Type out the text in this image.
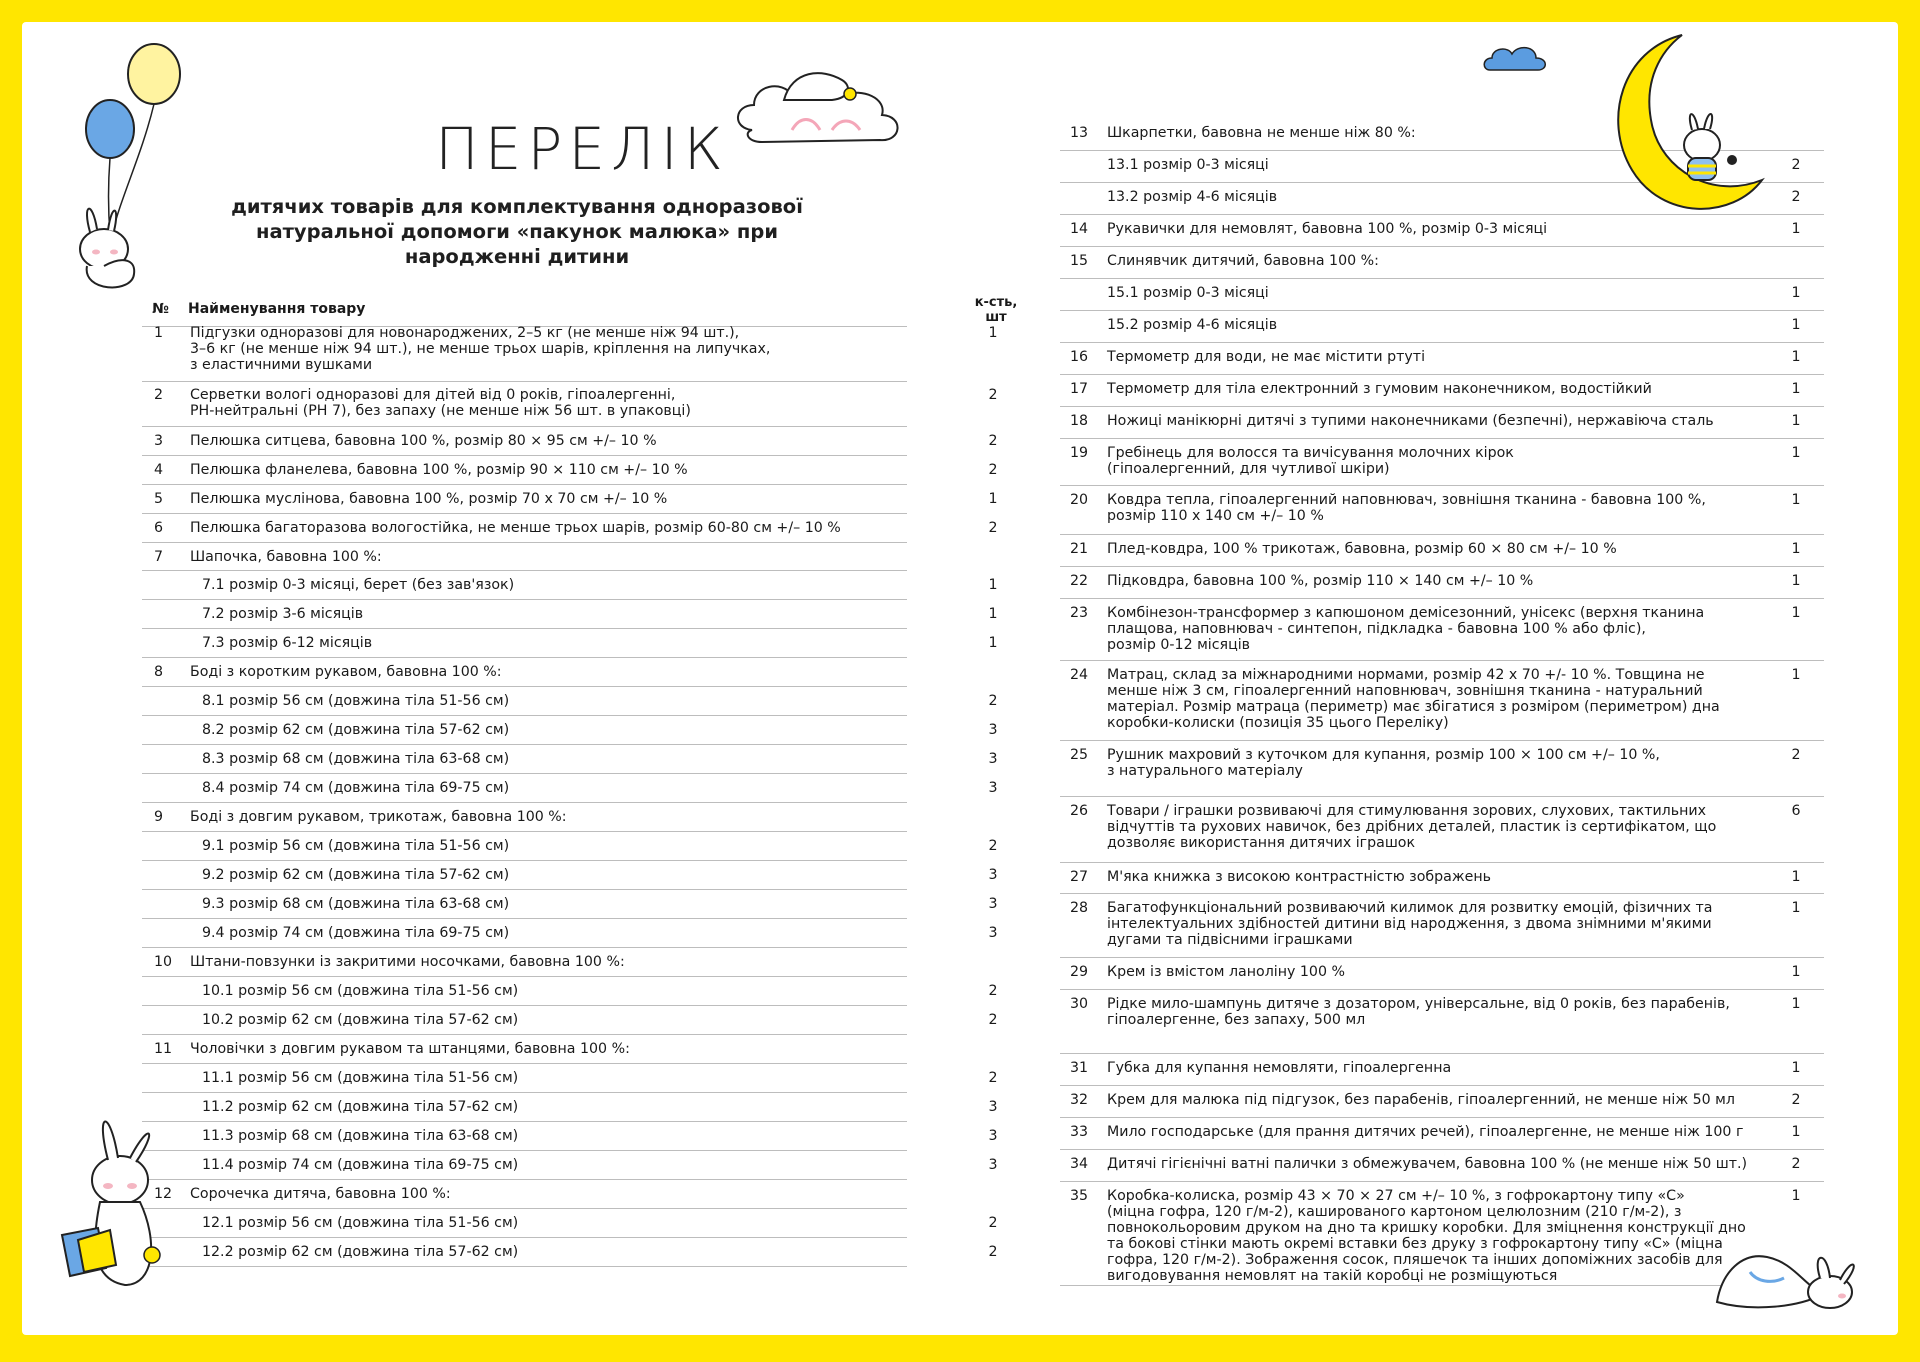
ПЕРЕЛІК
дитячих товарів для комплектування одноразової натуральної допомоги «пакунок малюка» при народженні дитини
№ Найменування товару	к-сть, шт
1 Підгузки одноразові для новонароджених, 2–5 кг (не менше ніж 94 шт.),
3–6 кг (не менше ніж 94 шт.), не менше трьох шарів, кріплення на липучках,
з еластичними вушками
1
2 Серветки вологі одноразові для дітей від 0 років, гіпоалергенні,
PH-нейтральні (PH 7), без запаху (не менше ніж 56 шт. в упаковці)
2
3 Пелюшка ситцева, бавовна 100 %, розмір 80 × 95 см +/– 10 %	2
4 Пелюшка фланелева, бавовна 100 %, розмір 90 × 110 см +/– 10 %	2
5 Пелюшка муслінова, бавовна 100 %, розмір 70 х 70 см +/– 10 %	1
6 Пелюшка багаторазова вологостійка, не менше трьох шарів, розмір 60-80 см +/– 10 %	2
7 Шапочка, бавовна 100 %:
7.1 розмір 0-3 місяці, берет (без зав'язок)	1
7.2 розмір 3-6 місяців	1
7.3 розмір 6-12 місяців	1
8 Боді з коротким рукавом, бавовна 100 %:
8.1 розмір 56 см (довжина тіла 51-56 см)	2
8.2 розмір 62 см (довжина тіла 57-62 см)	3
8.3 розмір 68 см (довжина тіла 63-68 см)	3
8.4 розмір 74 см (довжина тіла 69-75 см)	3
9 Боді з довгим рукавом, трикотаж, бавовна 100 %:
9.1 розмір 56 см (довжина тіла 51-56 см)	2
9.2 розмір 62 см (довжина тіла 57-62 см)	3
9.3 розмір 68 см (довжина тіла 63-68 см)	3
9.4 розмір 74 см (довжина тіла 69-75 см)	3
10 Штани-повзунки із закритими носочками, бавовна 100 %:
10.1 розмір 56 см (довжина тіла 51-56 см)	2
10.2 розмір 62 см (довжина тіла 57-62 см)	2
11 Чоловічки з довгим рукавом та штанцями, бавовна 100 %:
11.1 розмір 56 см (довжина тіла 51-56 см)	2
11.2 розмір 62 см (довжина тіла 57-62 см)	3
11.3 розмір 68 см (довжина тіла 63-68 см)	3
11.4 розмір 74 см (довжина тіла 69-75 см)	3
12 Сорочечка дитяча, бавовна 100 %:
12.1 розмір 56 см (довжина тіла 51-56 см)	2
12.2 розмір 62 см (довжина тіла 57-62 см)	2
13 Шкарпетки, бавовна не менше ніж 80 %:
13.1 розмір 0-3 місяці	2
13.2 розмір 4-6 місяців	2
14 Рукавички для немовлят, бавовна 100 %, розмір 0-3 місяці	1
15 Слинявчик дитячий, бавовна 100 %:
15.1 розмір 0-3 місяці	1
15.2 розмір 4-6 місяців	1
16 Термометр для води, не має містити ртуті	1
17 Термометр для тіла електронний з гумовим наконечником, водостійкий	1
18 Ножиці манікюрні дитячі з тупими наконечниками (безпечні), нержавіюча сталь	1
19 Гребінець для волосся та вичісування молочних кірок
(гіпоалергенний, для чутливої шкіри)
1
20 Ковдра тепла, гіпоалергенний наповнювач, зовнішня тканина - бавовна 100 %,
розмір 110 х 140 см +/– 10 %
1
21 Плед-ковдра, 100 % трикотаж, бавовна, розмір 60 × 80 см +/– 10 %	1
22 Підковдра, бавовна 100 %, розмір 110 × 140 см +/– 10 %	1
23 Комбінезон-трансформер з капюшоном демісезонний, унісекс (верхня тканина
плащова, наповнювач - синтепон, підкладка - бавовна 100 % або фліс),
розмір 0-12 місяців
1
24 Матрац, склад за міжнародними нормами, розмір 42 х 70 +/- 10 %. Товщина не
менше ніж 3 см, гіпоалергенний наповнювач, зовнішня тканина - натуральний
матеріал. Розмір матраца (периметр) має збігатися з розміром (периметром) дна
коробки-колиски (позиція 35 цього Переліку)
1
25 Рушник махровий з куточком для купання, розмір 100 × 100 см +/– 10 %,
з натурального матеріалу
2
26 Товари / іграшки розвиваючі для стимулювання зорових, слухових, тактильних
відчуттів та рухових навичок, без дрібних деталей, пластик із сертифікатом, що
дозволяє використання дитячих іграшок
6
27 М'яка книжка з високою контрастністю зображень	1
28 Багатофункціональний розвиваючий килимок для розвитку емоцій, фізичних та
інтелектуальних здібностей дитини від народження, з двома знімними м'якими
дугами та підвісними іграшками
1
29 Крем із вмістом ланоліну 100 %	1
30 Рідке мило-шампунь дитяче з дозатором, універсальне, від 0 років, без парабенів,
гіпоалергенне, без запаху, 500 мл
1
31 Губка для купання немовляти, гіпоалергенна	1
32 Крем для малюка під підгузок, без парабенів, гіпоалергенний, не менше ніж 50 мл	2
33 Мило господарське (для прання дитячих речей), гіпоалергенне, не менше ніж 100 г	1
34 Дитячі гігієнічні ватні палички з обмежувачем, бавовна 100 % (не менше ніж 50 шт.)	2
35 Коробка-колиска, розмір 43 × 70 × 27 см +/– 10 %, з гофрокартону типу «С»
(міцна гофра, 120 г/м-2), кашированого картоном целюлозним (210 г/м-2), з
повнокольоровим друком на дно та кришку коробки. Для зміцнення конструкції дно
та бокові стінки мають окремі вставки без друку з гофрокартону типу «С» (міцна
гофра, 120 г/м-2). Зображення сосок, пляшечок та інших допоміжних засобів для
вигодовування немовлят на такій коробці не розміщуються
1
